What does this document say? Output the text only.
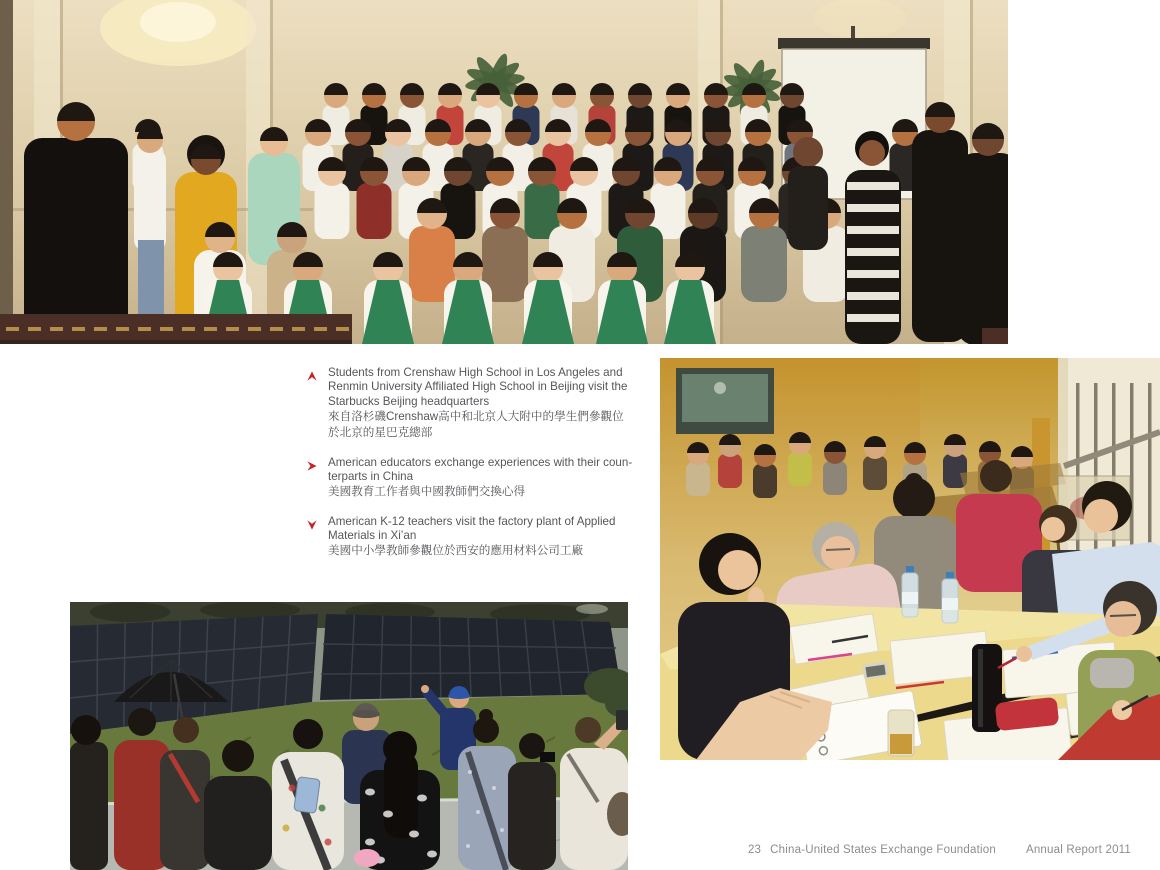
Students from Crenshaw High School in Los Angeles and
Renmin University Affiliated High School in Beijing visit the
Starbucks Beijing headquarters
來自洛杉磯Crenshaw高中和北京人大附中的學生們參觀位
於北京的星巴克總部
American educators exchange experiences with their coun-
terparts in China
美國教育工作者與中國教師們交換心得
American K-12 teachers visit the factory plant of Applied
Materials in Xi’an
美國中小學教師參觀位於西安的應用材料公司工廠
23 China-United States Exchange Foundation	Annual Report 2011
